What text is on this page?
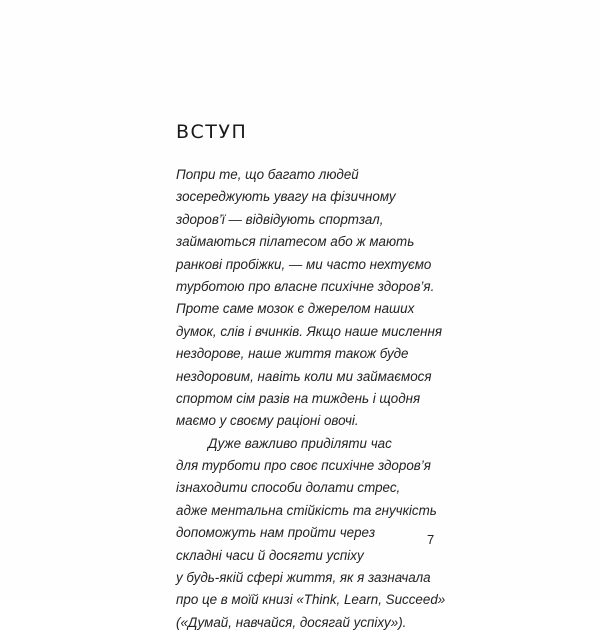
ВСТУП
Попри те, що багато людей
зосереджують увагу на фізичному
здоров’ї — відвідують спортзал,
займаються пілатесом або ж мають
ранкові пробіжки, — ми часто нехтуємо
турботою про власне психічне здоров’я.
Проте саме мозок є джерелом наших
думок, слів і вчинків. Якщо наше мислення
нездорове, наше життя також буде
нездоровим, навіть коли ми займаємося
спортом сім разів на тиждень і щодня
маємо у своєму раціоні овочі.
Дуже важливо приділяти час
для турботи про своє психічне здоров’я
ізнаходити способи долати стрес,
адже ментальна стійкість та гнучкість
допоможуть нам пройти через
складні часи й досягти успіху
у будь-якій сфері життя, як я зазначала
про це в моїй книзі «Think, Learn, Succeed»
(«Думай, навчайся, досягай успіху»).
7
